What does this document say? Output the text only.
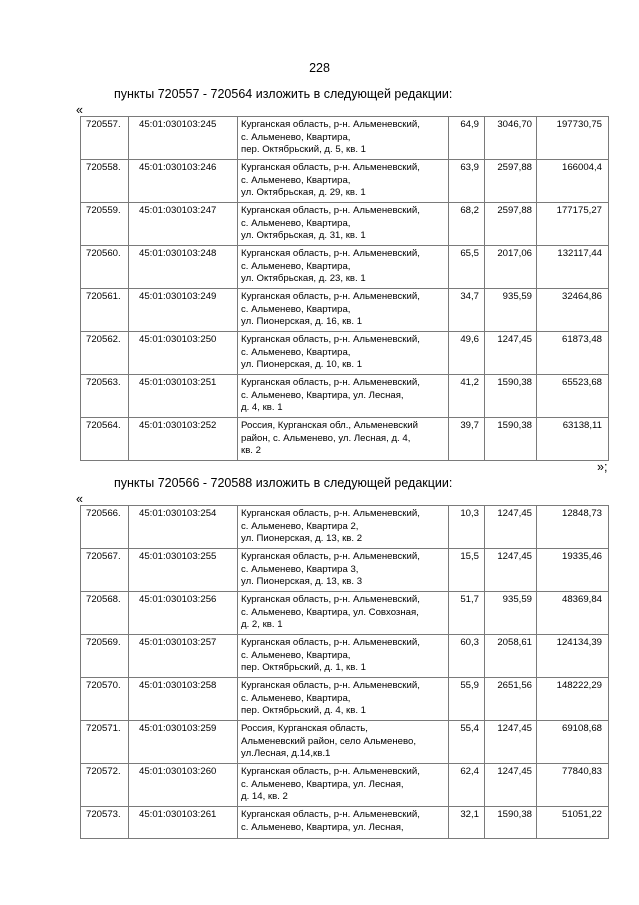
228
пункты 720557 - 720564 изложить в следующей редакции:
«
720557.	45:01:030103:245	Курганская область, р-н. Альменевский,
с. Альменево, Квартира,
пер. Октябрьский, д. 5, кв. 1	64,9	3046,70	197730,75
720558.	45:01:030103:246	Курганская область, р-н. Альменевский,
с. Альменево, Квартира,
ул. Октябрьская, д. 29, кв. 1	63,9	2597,88	166004,4
720559.	45:01:030103:247	Курганская область, р-н. Альменевский,
с. Альменево, Квартира,
ул. Октябрьская, д. 31, кв. 1	68,2	2597,88	177175,27
720560.	45:01:030103:248	Курганская область, р-н. Альменевский,
с. Альменево, Квартира,
ул. Октябрьская, д. 23, кв. 1	65,5	2017,06	132117,44
720561.	45:01:030103:249	Курганская область, р-н. Альменевский,
с. Альменево, Квартира,
ул. Пионерская, д. 16, кв. 1	34,7	935,59	32464,86
720562.	45:01:030103:250	Курганская область, р-н. Альменевский,
с. Альменево, Квартира,
ул. Пионерская, д. 10, кв. 1	49,6	1247,45	61873,48
720563.	45:01:030103:251	Курганская область, р-н. Альменевский,
с. Альменево, Квартира, ул. Лесная,
д. 4, кв. 1	41,2	1590,38	65523,68
720564.	45:01:030103:252	Россия, Курганская обл., Альменевский
район, с. Альменево, ул. Лесная, д. 4,
кв. 2	39,7	1590,38	63138,11
»;
пункты 720566 - 720588 изложить в следующей редакции:
«
720566.	45:01:030103:254	Курганская область, р-н. Альменевский,
с. Альменево, Квартира 2,
ул. Пионерская, д. 13, кв. 2	10,3	1247,45	12848,73
720567.	45:01:030103:255	Курганская область, р-н. Альменевский,
с. Альменево, Квартира 3,
ул. Пионерская, д. 13, кв. 3	15,5	1247,45	19335,46
720568.	45:01:030103:256	Курганская область, р-н. Альменевский,
с. Альменево, Квартира, ул. Совхозная,
д. 2, кв. 1	51,7	935,59	48369,84
720569.	45:01:030103:257	Курганская область, р-н. Альменевский,
с. Альменево, Квартира,
пер. Октябрьский, д. 1, кв. 1	60,3	2058,61	124134,39
720570.	45:01:030103:258	Курганская область, р-н. Альменевский,
с. Альменево, Квартира,
пер. Октябрьский, д. 4, кв. 1	55,9	2651,56	148222,29
720571.	45:01:030103:259	Россия, Курганская область,
Альменевский район, село Альменево,
ул.Лесная, д.14,кв.1	55,4	1247,45	69108,68
720572.	45:01:030103:260	Курганская область, р-н. Альменевский,
с. Альменево, Квартира, ул. Лесная,
д. 14, кв. 2	62,4	1247,45	77840,83
720573.	45:01:030103:261	Курганская область, р-н. Альменевский,
с. Альменево, Квартира, ул. Лесная,	32,1	1590,38	51051,22
